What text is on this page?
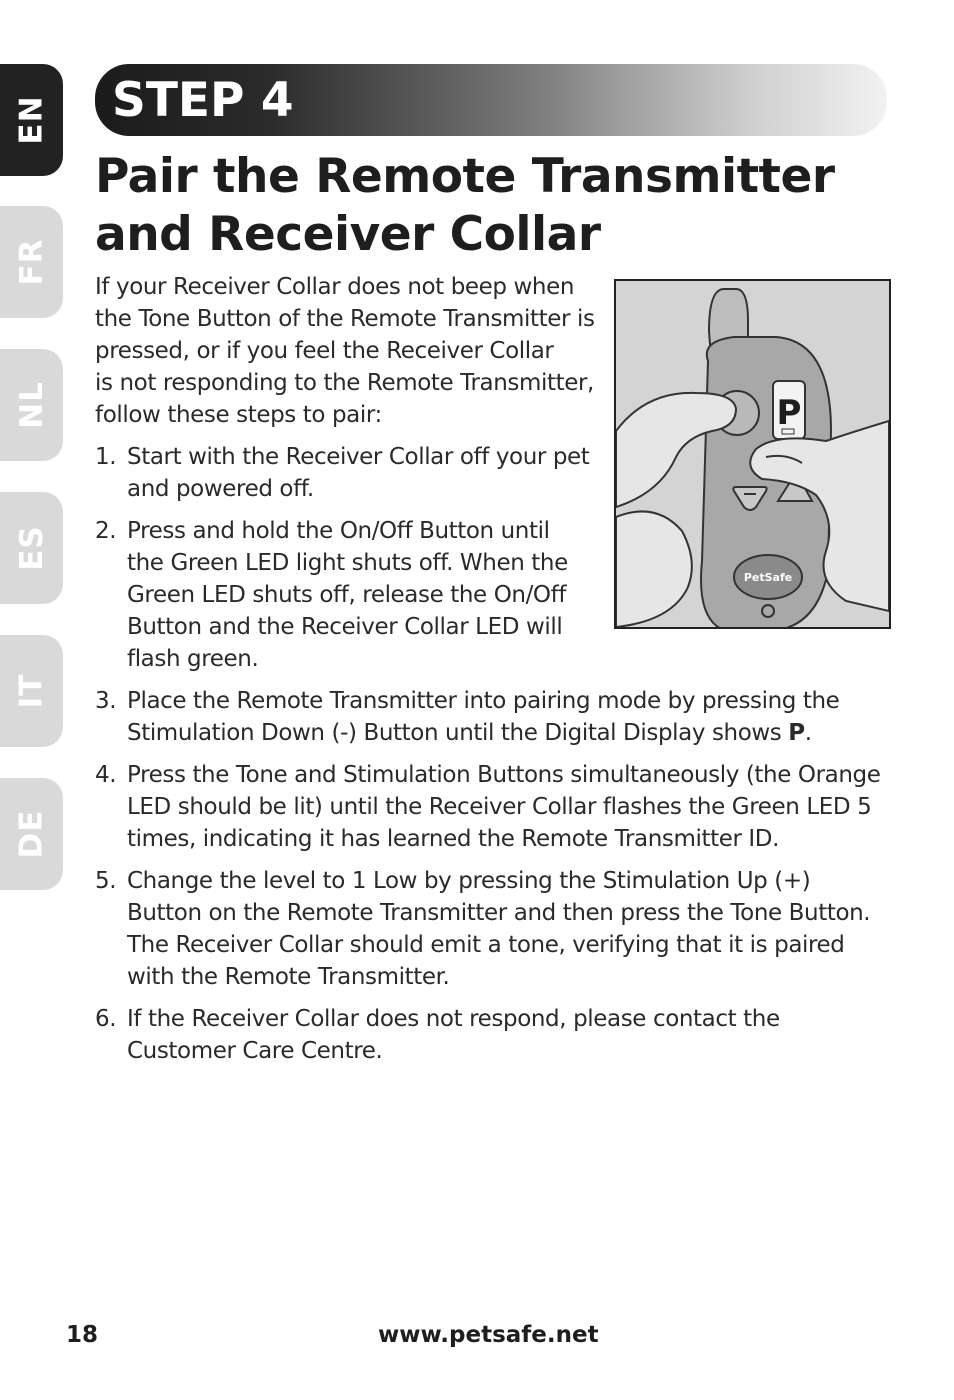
EN
FR
NL
ES
IT
DE
STEP 4
Pair the Remote Transmitter
and Receiver Collar
If your Receiver Collar does not beep when
the Tone Button of the Remote Transmitter is
pressed, or if you feel the Receiver Collar
is not responding to the Remote Transmitter,
follow these steps to pair:
1. Start with the Receiver Collar off your pet
and powered off.
2. Press and hold the On/Off Button until
the Green LED light shuts off. When the
Green LED shuts off, release the On/Off
Button and the Receiver Collar LED will
flash green.
3. Place the Remote Transmitter into pairing mode by pressing the
Stimulation Down (-) Button until the Digital Display shows P.
4. Press the Tone and Stimulation Buttons simultaneously (the Orange
LED should be lit) until the Receiver Collar flashes the Green LED 5
times, indicating it has learned the Remote Transmitter ID.
5. Change the level to 1 Low by pressing the Stimulation Up (+)
Button on the Remote Transmitter and then press the Tone Button.
The Receiver Collar should emit a tone, verifying that it is paired
with the Remote Transmitter.
6. If the Receiver Collar does not respond, please contact the
Customer Care Centre.
P
PetSafe
18	www.petsafe.net
